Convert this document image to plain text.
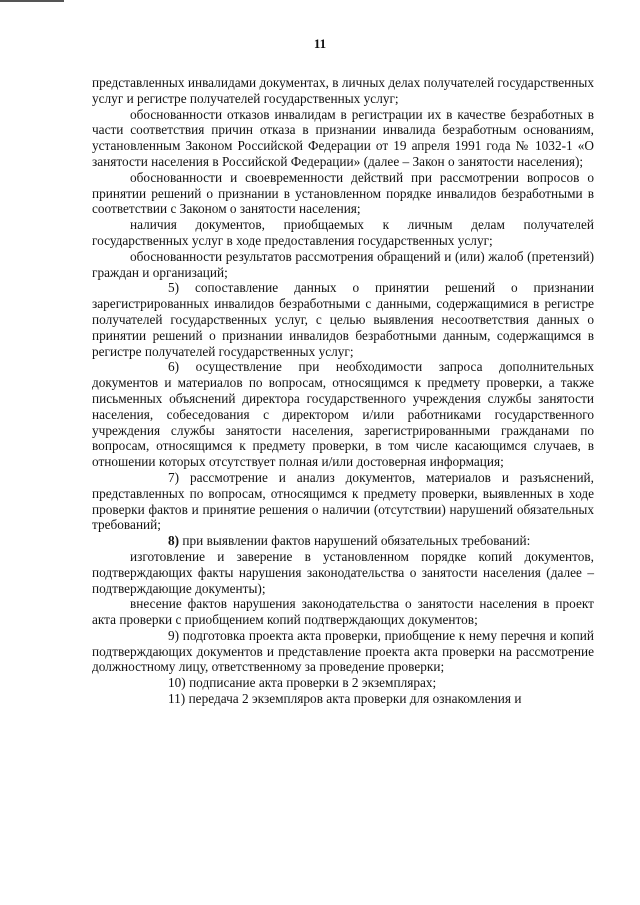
11

представленных инвалидами документах, в личных делах получателей государственных услуг и регистре получателей государственных услуг;

обоснованности отказов инвалидам в регистрации их в качестве безработных в части соответствия причин отказа в признании инвалида безработным основаниям, установленным Законом Российской Федерации от 19 апреля 1991 года № 1032-1 «О занятости населения в Российской Федерации» (далее – Закон о занятости населения);

обоснованности и своевременности действий при рассмотрении вопросов о принятии решений о признании в установленном порядке инвалидов безработными в соответствии с Законом о занятости населения;

наличия документов, приобщаемых к личным делам получателей государственных услуг в ходе предоставления государственных услуг;

обоснованности результатов рассмотрения обращений и (или) жалоб (претензий) граждан и организаций;

5) сопоставление данных о принятии решений о признании зарегистрированных инвалидов безработными с данными, содержащимися в регистре получателей государственных услуг, с целью выявления несоответствия данных о принятии решений о признании инвалидов безработными данным, содержащимся в регистре получателей государственных услуг;

6) осуществление при необходимости запроса дополнительных документов и материалов по вопросам, относящимся к предмету проверки, а также письменных объяснений директора государственного учреждения службы занятости населения, собеседования с директором и/или работниками государственного учреждения службы занятости населения, зарегистрированными гражданами по вопросам, относящимся к предмету проверки, в том числе касающимся случаев, в отношении которых отсутствует полная и/или достоверная информация;

7) рассмотрение и анализ документов, материалов и разъяснений, представленных по вопросам, относящимся к предмету проверки, выявленных в ходе проверки фактов и принятие решения о наличии (отсутствии) нарушений обязательных требований;

8) при выявлении фактов нарушений обязательных требований:

изготовление и заверение в установленном порядке копий документов, подтверждающих факты нарушения законодательства о занятости населения (далее – подтверждающие документы);

внесение фактов нарушения законодательства о занятости населения в проект акта проверки с приобщением копий подтверждающих документов;

9) подготовка проекта акта проверки, приобщение к нему перечня и копий подтверждающих документов и представление проекта акта проверки на рассмотрение должностному лицу, ответственному за проведение проверки;

10) подписание акта проверки в 2 экземплярах;

11) передача 2 экземпляров акта проверки для ознакомления и
